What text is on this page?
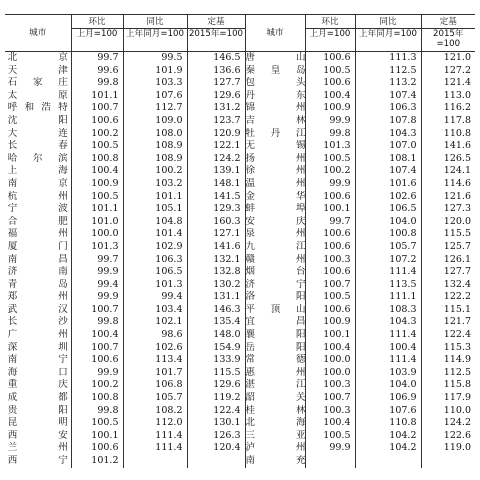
城市	环比	同比	定基	城市	环比	同比	定基
	上月=100	上年同月=100	2015年=100		上月=100	上年同月=100	2015年=100
北　京	99.7	99.5	146.5	唐　山	100.6	111.3	121.0
天　津	99.6	101.9	136.6	秦皇岛	100.5	112.5	127.2
石家庄	99.8	103.3	127.7	包　头	100.6	113.2	121.4
太　原	101.1	107.6	129.6	丹　东	100.4	107.4	113.0
呼和浩特	100.7	112.7	131.2	锦　州	100.9	106.3	116.2
沈　阳	100.6	109.0	123.7	吉　林	99.9	107.8	117.8
大　连	100.2	108.0	120.9	牡丹江	99.8	104.3	110.8
长　春	100.5	108.9	122.1	无　锡	101.3	107.0	141.6
哈尔滨	100.8	108.9	124.2	扬　州	100.5	108.1	126.5
上　海	100.4	100.2	139.1	徐　州	100.2	107.4	124.1
南　京	100.9	103.2	148.1	温　州	99.9	101.6	114.6
杭　州	100.5	101.1	141.5	金　华	100.6	102.6	121.6
宁　波	101.1	105.1	129.3	蚌　埠	100.1	106.5	127.3
合　肥	101.0	104.8	160.3	安　庆	99.7	104.0	120.0
福　州	100.0	101.4	127.1	泉　州	100.6	100.8	115.5
厦　门	101.3	102.9	141.6	九　江	100.6	105.7	125.7
南　昌	99.7	106.3	132.1	赣　州	100.3	107.2	126.1
济　南	99.9	106.5	132.8	烟　台	100.6	111.4	127.7
青　岛	99.4	101.3	130.2	济　宁	100.7	113.5	132.4
郑　州	99.9	99.4	131.1	洛　阳	100.5	111.1	122.2
武　汉	100.7	103.4	146.3	平顶山	100.6	108.3	115.1
长　沙	99.8	102.1	135.4	宜　昌	100.9	104.3	121.7
广　州	100.4	98.6	148.0	襄　阳	100.1	111.4	122.4
深　圳	100.7	102.6	154.9	岳　阳	100.4	100.4	115.3
南　宁	100.6	113.4	133.9	常　德	100.0	111.4	114.9
海　口	99.9	101.7	115.5	惠　州	100.0	103.9	112.5
重　庆	100.2	106.8	129.6	湛　江	100.3	104.0	115.8
成　都	100.8	105.7	119.2	韶　关	100.7	106.9	117.9
贵　阳	99.8	108.2	122.4	桂　林	100.3	107.6	110.0
昆　明	100.5	112.0	130.1	北　海	100.4	110.8	124.2
西　安	100.1	111.4	126.3	三　亚	100.5	104.2	122.6
兰　州	100.6	111.4	120.4	泸　州	99.9	104.2	119.0
西　宁	101.2			南　充			
